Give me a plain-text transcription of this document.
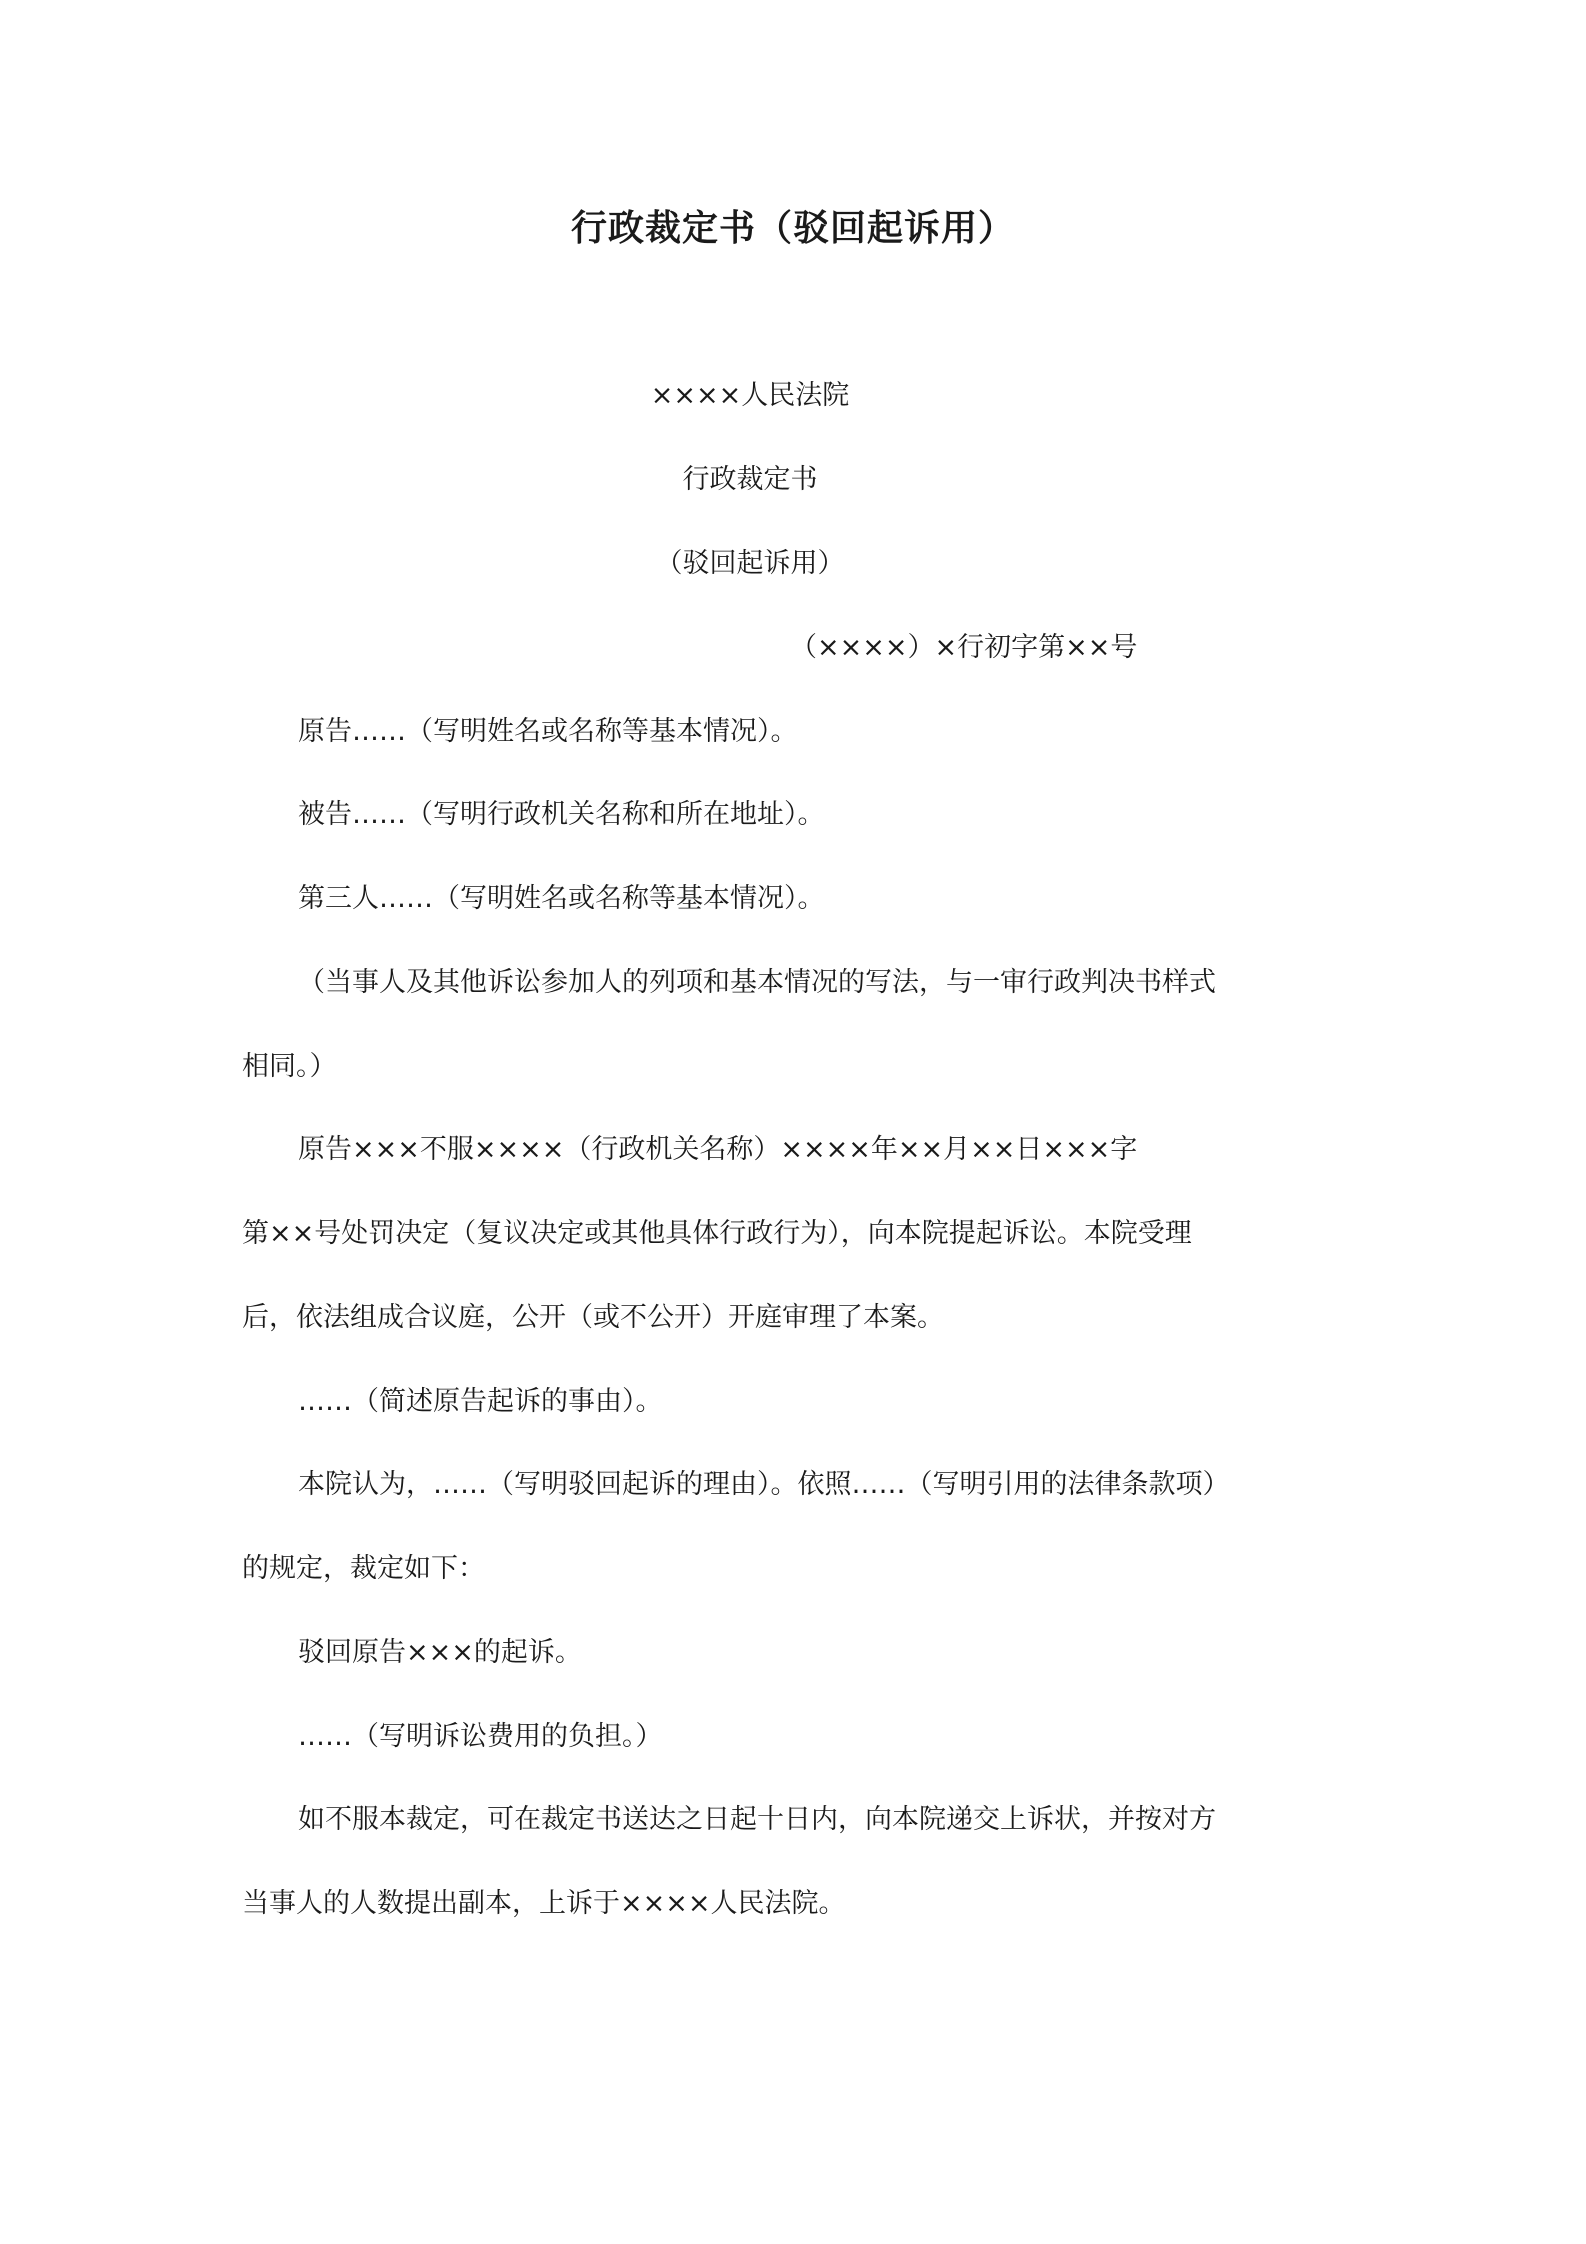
行政裁定书（驳回起诉用）

××××人民法院

行政裁定书

（驳回起诉用）

（××××）×行初字第××号

原告……（写明姓名或名称等基本情况）。

被告……（写明行政机关名称和所在地址）。

第三人……（写明姓名或名称等基本情况）。

（当事人及其他诉讼参加人的列项和基本情况的写法，与一审行政判决书样式

相同。）

原告×××不服××××（行政机关名称）××××年××月××日×××字

第××号处罚决定（复议决定或其他具体行政行为），向本院提起诉讼。本院受理

后，依法组成合议庭，公开（或不公开）开庭审理了本案。

……（简述原告起诉的事由）。

本院认为，……（写明驳回起诉的理由）。依照……（写明引用的法律条款项）

的规定，裁定如下：

驳回原告×××的起诉。

……（写明诉讼费用的负担。）

如不服本裁定，可在裁定书送达之日起十日内，向本院递交上诉状，并按对方

当事人的人数提出副本，上诉于××××人民法院。
